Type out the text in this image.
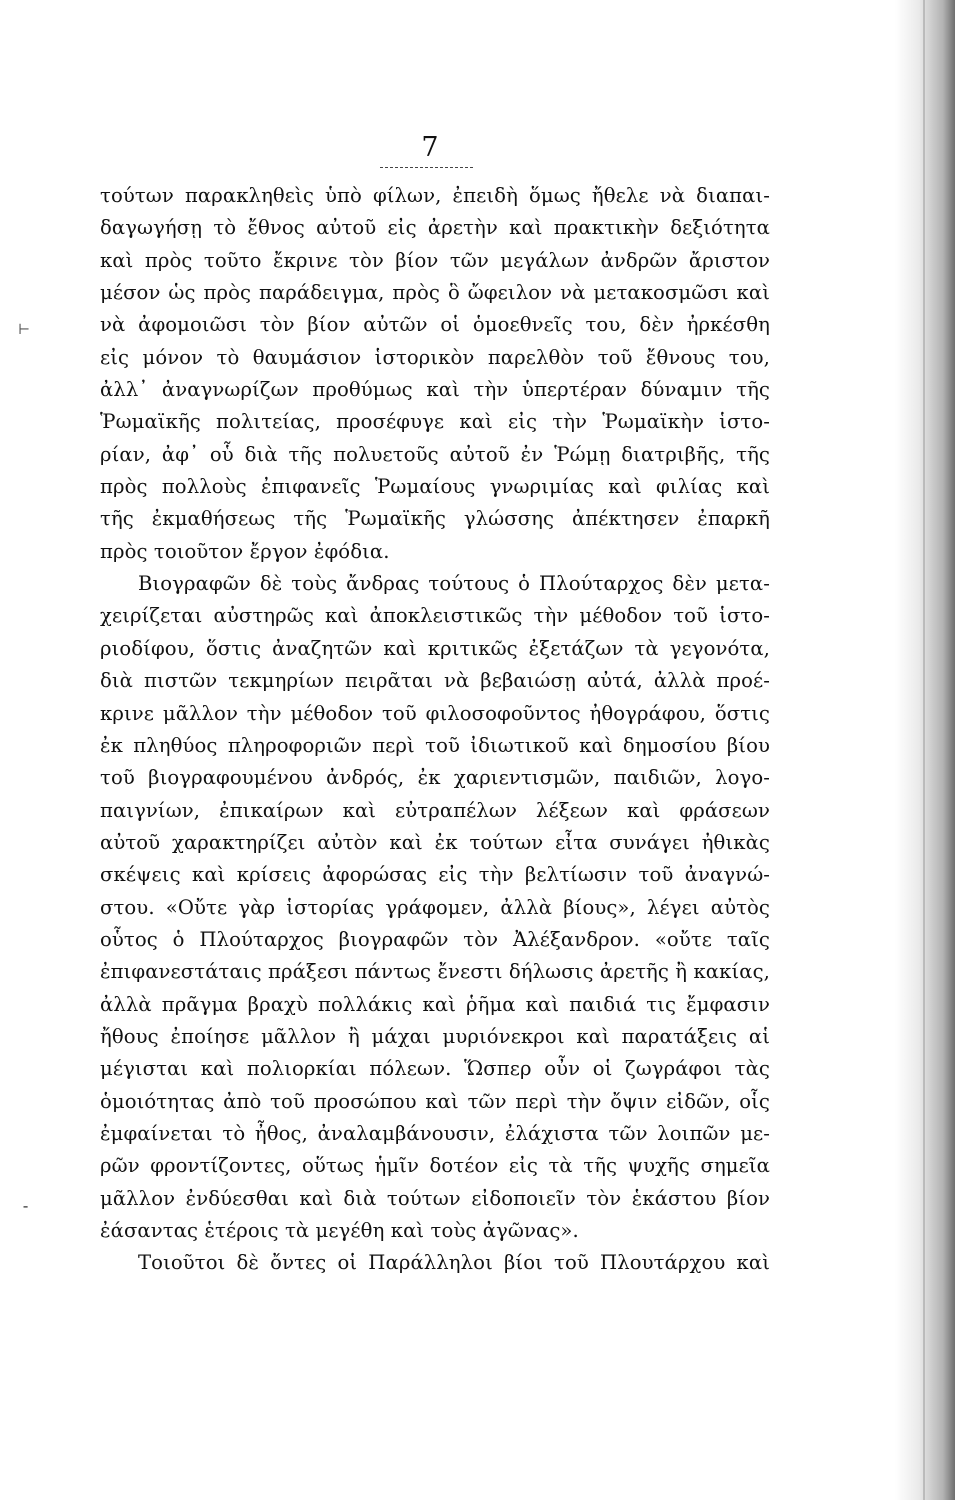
7
τούτων παρακληθεὶς ὑπὸ φίλων, ἐπειδὴ ὅμως ἤθελε νὰ διαπαι-
δαγωγήσῃ τὸ ἔθνος αὐτοῦ εἰς ἀρετὴν καὶ πρακτικὴν δεξιότητα
καὶ πρὸς τοῦτο ἔκρινε τὸν βίον τῶν μεγάλων ἀνδρῶν ἄριστον
μέσον ὡς πρὸς παράδειγμα, πρὸς ὃ ὤφειλον νὰ μετακοσμῶσι καὶ
νὰ ἀφομοιῶσι τὸν βίον αὐτῶν οἱ ὁμοεθνεῖς του, δὲν ἠρκέσθη
εἰς μόνον τὸ θαυμάσιον ἱστορικὸν παρελθὸν τοῦ ἔθνους του,
ἀλλ᾽ ἀναγνωρίζων προθύμως καὶ τὴν ὑπερτέραν δύναμιν τῆς
Ῥωμαϊκῆς πολιτείας, προσέφυγε καὶ εἰς τὴν Ῥωμαϊκὴν ἱστο-
ρίαν, ἀφ᾽ οὗ διὰ τῆς πολυετοῦς αὐτοῦ ἐν Ῥώμῃ διατριβῆς, τῆς
πρὸς πολλοὺς ἐπιφανεῖς Ῥωμαίους γνωριμίας καὶ φιλίας καὶ
τῆς ἐκμαθήσεως τῆς Ῥωμαϊκῆς γλώσσης ἀπέκτησεν ἐπαρκῆ
πρὸς τοιοῦτον ἔργον ἐφόδια.
Βιογραφῶν δὲ τοὺς ἄνδρας τούτους ὁ Πλούταρχος δὲν μετα-
χειρίζεται αὐστηρῶς καὶ ἀποκλειστικῶς τὴν μέθοδον τοῦ ἱστο-
ριοδίφου, ὅστις ἀναζητῶν καὶ κριτικῶς ἐξετάζων τὰ γεγονότα,
διὰ πιστῶν τεκμηρίων πειρᾶται νὰ βεβαιώσῃ αὐτά, ἀλλὰ προέ-
κρινε μᾶλλον τὴν μέθοδον τοῦ φιλοσοφοῦντος ἠθογράφου, ὅστις
ἐκ πληθύος πληροφοριῶν περὶ τοῦ ἰδιωτικοῦ καὶ δημοσίου βίου
τοῦ βιογραφουμένου ἀνδρός, ἐκ χαριεντισμῶν, παιδιῶν, λογο-
παιγνίων, ἐπικαίρων καὶ εὐτραπέλων λέξεων καὶ φράσεων
αὐτοῦ χαρακτηρίζει αὐτὸν καὶ ἐκ τούτων εἶτα συνάγει ἠθικὰς
σκέψεις καὶ κρίσεις ἀφορώσας εἰς τὴν βελτίωσιν τοῦ ἀναγνώ-
στου. «Οὔτε γὰρ ἱστορίας γράφομεν, ἀλλὰ βίους», λέγει αὐτὸς
οὗτος ὁ Πλούταρχος βιογραφῶν τὸν Ἀλέξανδρον. «οὔτε ταῖς
ἐπιφανεστάταις πράξεσι πάντως ἔνεστι δήλωσις ἀρετῆς ἢ κακίας,
ἀλλὰ πρᾶγμα βραχὺ πολλάκις καὶ ῥῆμα καὶ παιδιά τις ἔμφασιν
ἤθους ἐποίησε μᾶλλον ἢ μάχαι μυριόνεκροι καὶ παρατάξεις αἱ
μέγισται καὶ πολιορκίαι πόλεων. Ὥσπερ οὖν οἱ ζωγράφοι τὰς
ὁμοιότητας ἀπὸ τοῦ προσώπου καὶ τῶν περὶ τὴν ὄψιν εἰδῶν, οἷς
ἐμφαίνεται τὸ ἦθος, ἀναλαμβάνουσιν, ἐλάχιστα τῶν λοιπῶν με-
ρῶν φροντίζοντες, οὕτως ἡμῖν δοτέον εἰς τὰ τῆς ψυχῆς σημεῖα
μᾶλλον ἐνδύεσθαι καὶ διὰ τούτων εἰδοποιεῖν τὸν ἑκάστου βίον
ἐάσαντας ἑτέροις τὰ μεγέθη καὶ τοὺς ἀγῶνας».
Τοιοῦτοι δὲ ὄντες οἱ Παράλληλοι βίοι τοῦ Πλουτάρχου καὶ
⊢
⁃
